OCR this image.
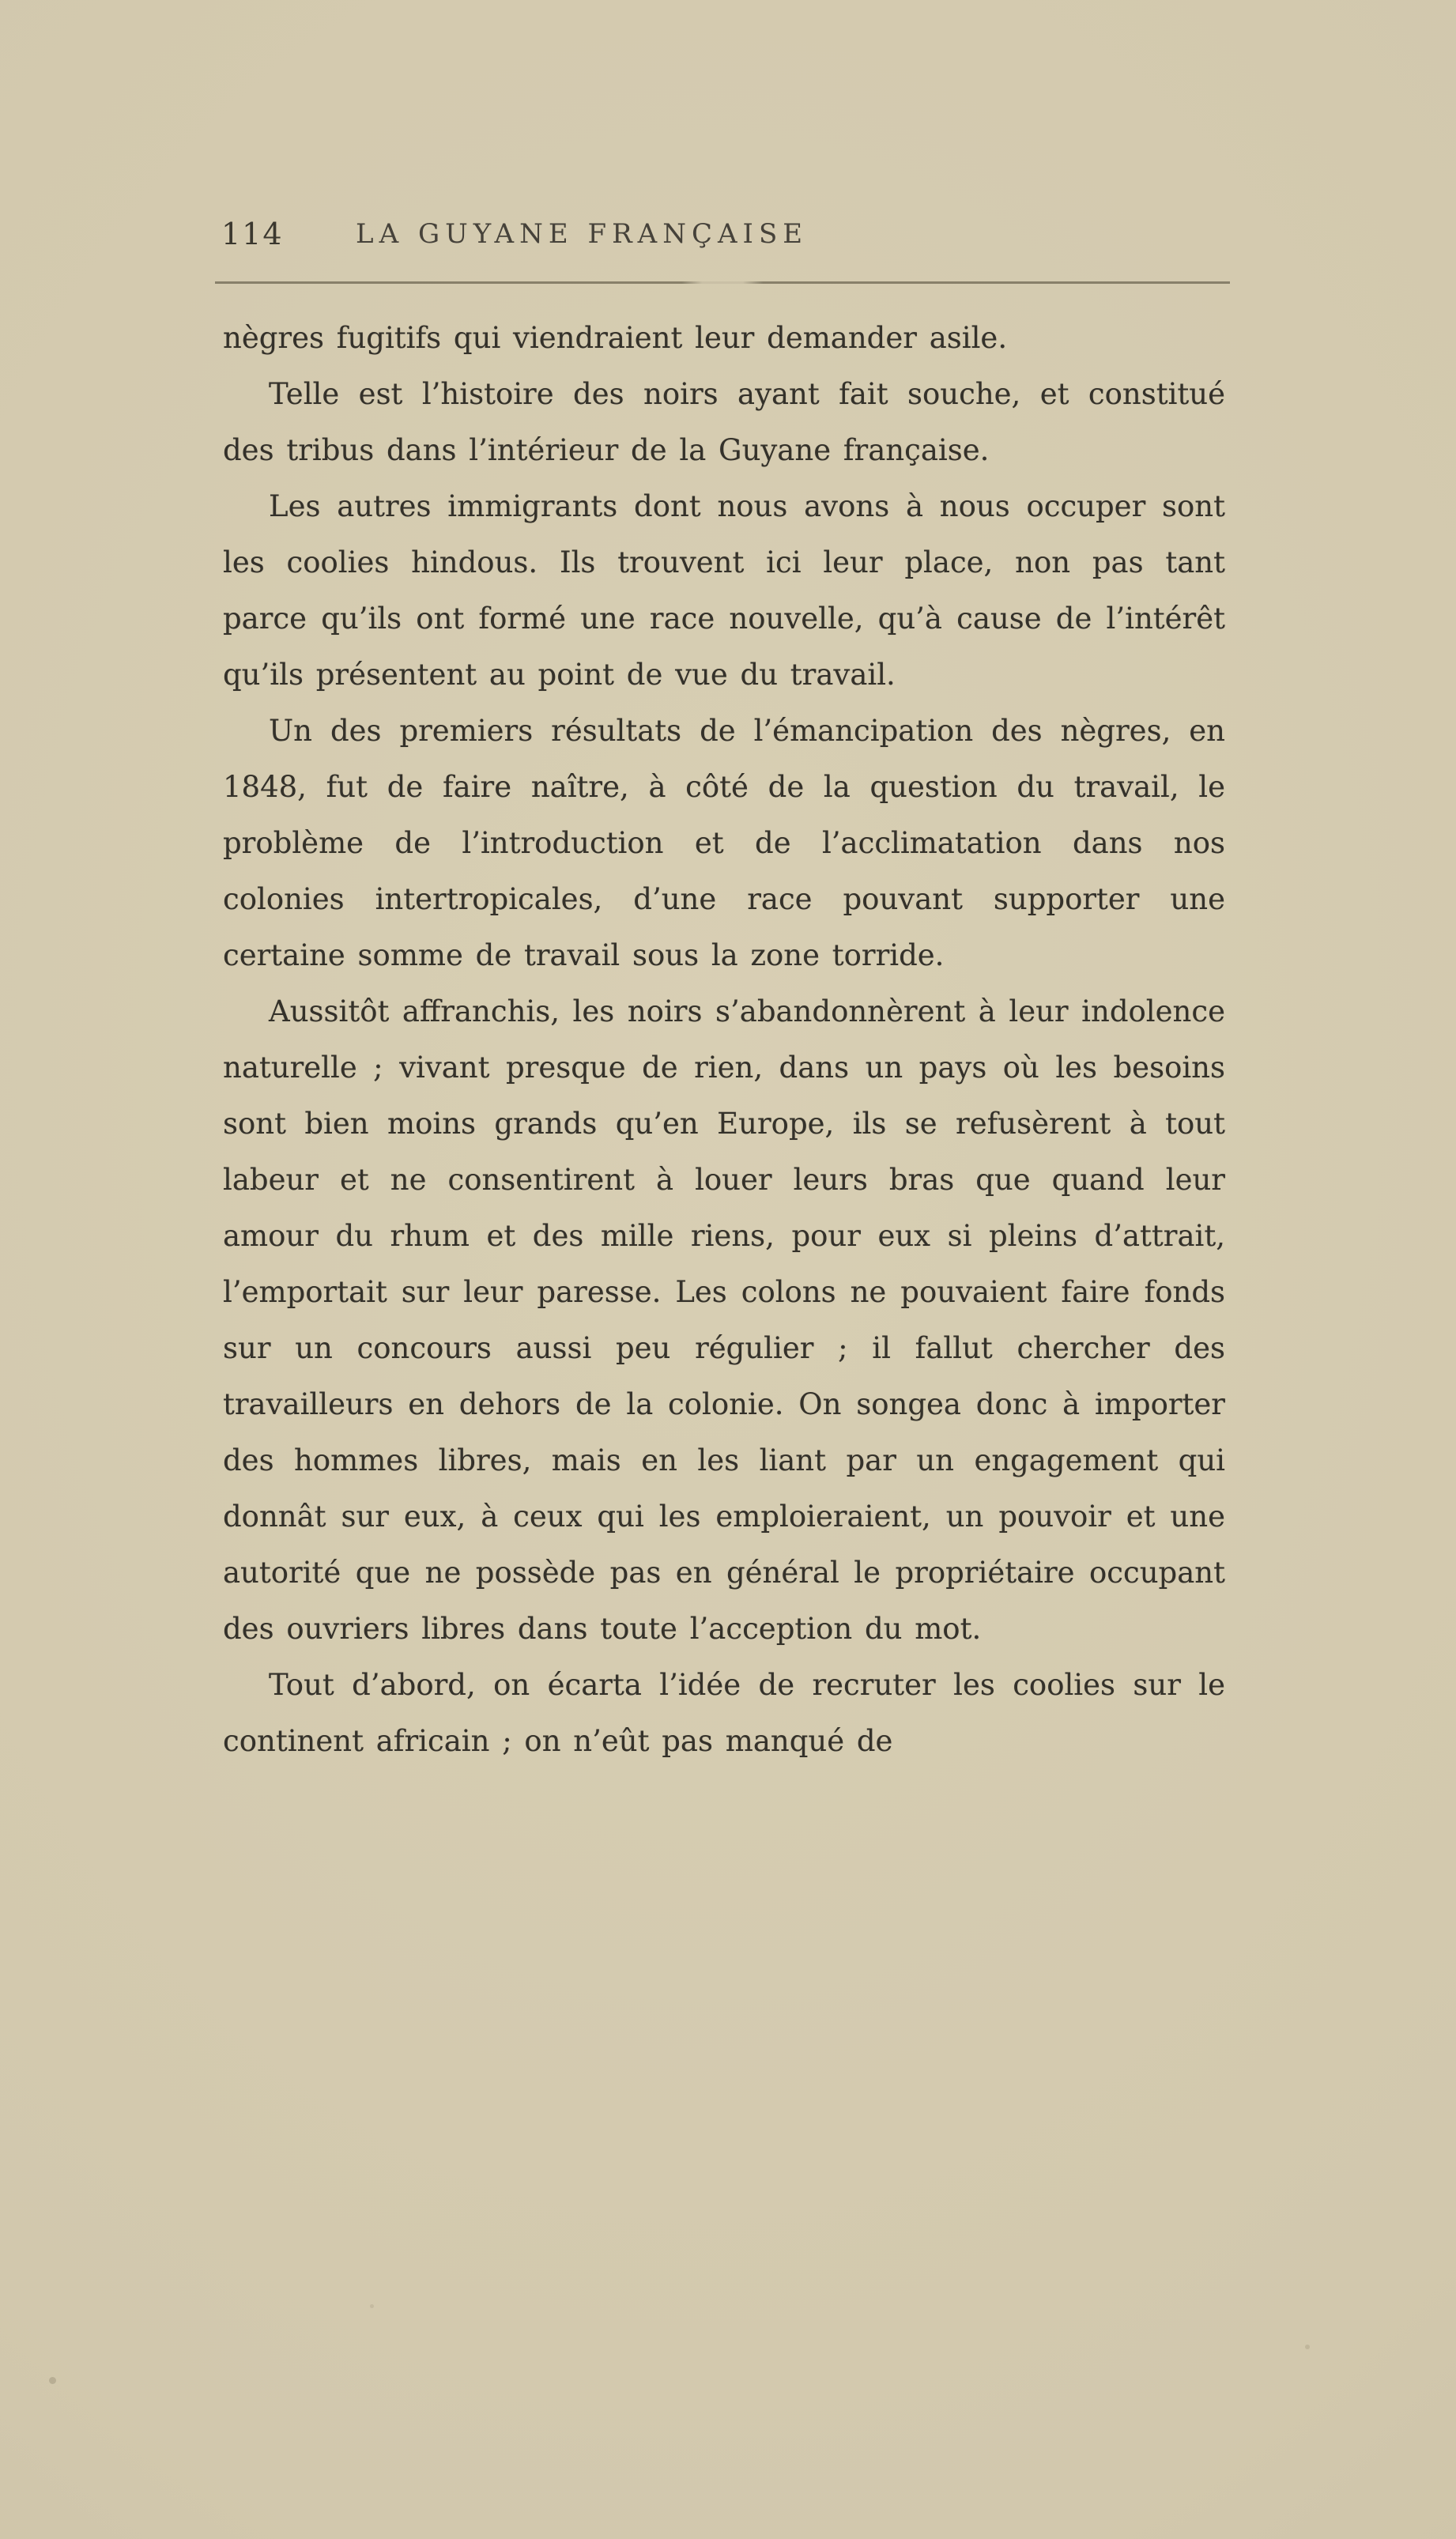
114	LA GUYANE FRANÇAISE

nègres fugitifs qui viendraient leur demander asile.

Telle est l’histoire des noirs ayant fait souche, et constitué des tribus dans l’intérieur de la Guyane française.

Les autres immigrants dont nous avons à nous occuper sont les coolies hindous. Ils trouvent ici leur place, non pas tant parce qu’ils ont formé une race nouvelle, qu’à cause de l’intérêt qu’ils présentent au point de vue du travail.

Un des premiers résultats de l’émancipation des nègres, en 1848, fut de faire naître, à côté de la question du travail, le problème de l’introduction et de l’acclimatation dans nos colonies intertropicales, d’une race pouvant supporter une certaine somme de travail sous la zone torride.

Aussitôt affranchis, les noirs s’abandonnèrent à leur indolence naturelle ; vivant presque de rien, dans un pays où les besoins sont bien moins grands qu’en Europe, ils se refusèrent à tout labeur et ne consentirent à louer leurs bras que quand leur amour du rhum et des mille riens, pour eux si pleins d’attrait, l’emportait sur leur paresse. Les colons ne pouvaient faire fonds sur un concours aussi peu régulier ; il fallut chercher des travailleurs en dehors de la colonie. On songea donc à importer des hommes libres, mais en les liant par un engagement qui donnât sur eux, à ceux qui les emploieraient, un pouvoir et une autorité que ne possède pas en général le propriétaire occupant des ouvriers libres dans toute l’acception du mot.

Tout d’abord, on écarta l’idée de recruter les coolies sur le continent africain ; on n’eût pas manqué de
